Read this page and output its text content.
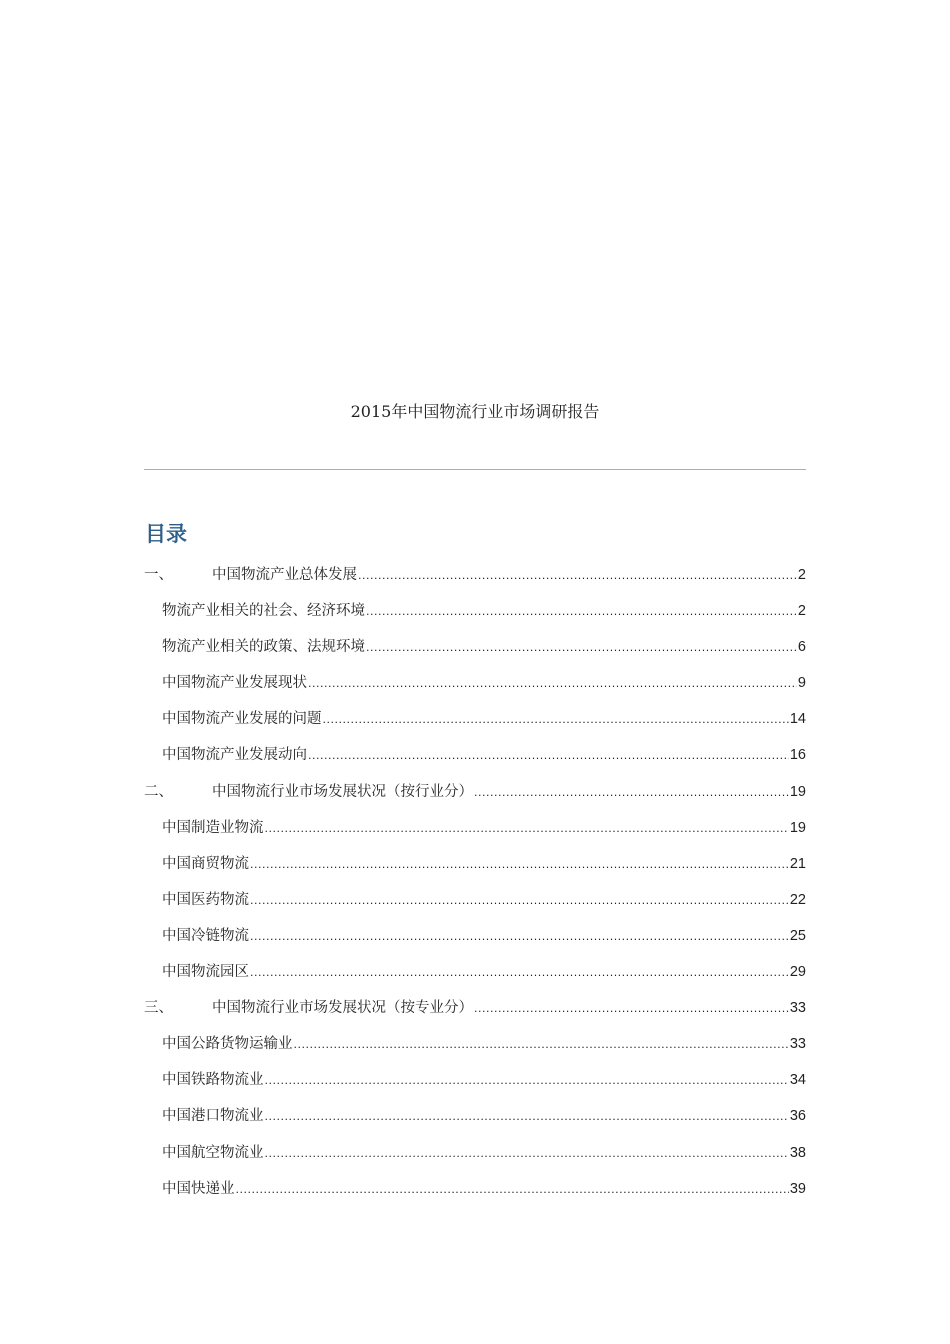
2015年中国物流行业市场调研报告
目录
一、	中国物流产业总体发展 .....	2
物流产业相关的社会、经济环境 .....	2
物流产业相关的政策、法规环境 .....	6
中国物流产业发展现状 .....	9
中国物流产业发展的问题 .....	14
中国物流产业发展动向 .....	16
二、	中国物流行业市场发展状况（按行业分） .....	19
中国制造业物流 .....	19
中国商贸物流 .....	21
中国医药物流 .....	22
中国冷链物流 .....	25
中国物流园区 .....	29
三、	中国物流行业市场发展状况（按专业分） .....	33
中国公路货物运输业 .....	33
中国铁路物流业 .....	34
中国港口物流业 .....	36
中国航空物流业 .....	38
中国快递业 .....	39
